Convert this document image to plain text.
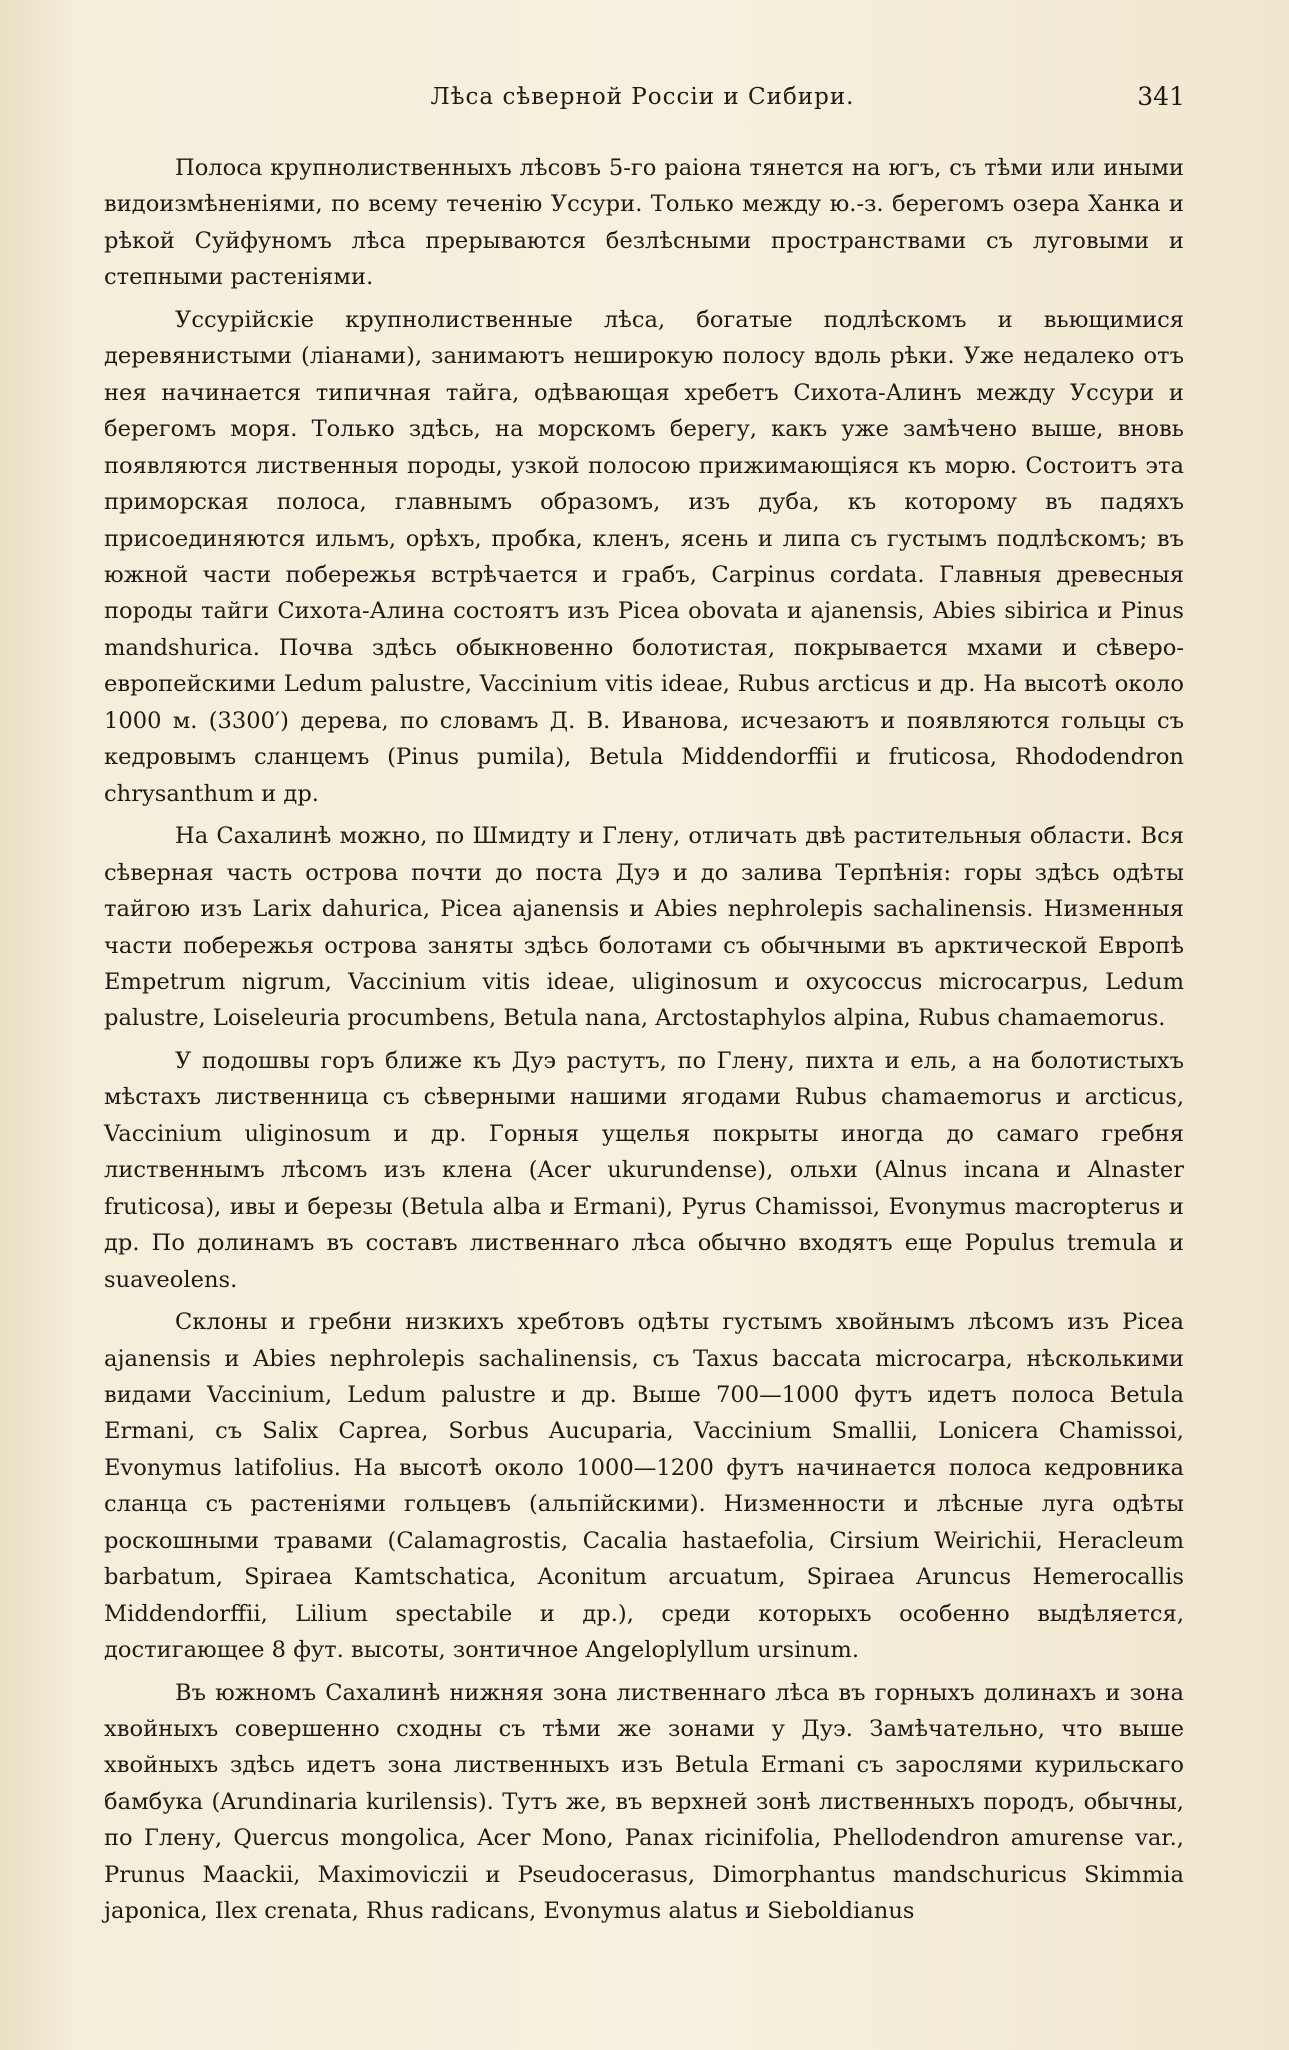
Лѣса сѣверной Россіи и Сибири.	341

Полоса крупнолиственныхъ лѣсовъ 5-го раіона тянется на югъ, съ тѣми или иными видоизмѣненіями, по всему теченію Уссури. Только между ю.-з. берегомъ озера Ханка и рѣкой Суйфуномъ лѣса прерываются безлѣсными пространствами съ луговыми и степными растеніями.

Уссурійскіе крупнолиственные лѣса, богатые подлѣскомъ и вьющимися деревянистыми (ліанами), занимаютъ неширокую полосу вдоль рѣки. Уже недалеко отъ нея начинается типичная тайга, одѣвающая хребетъ Сихота-Алинъ между Уссури и берегомъ моря. Только здѣсь, на морскомъ берегу, какъ уже замѣчено выше, вновь появляются лиственныя породы, узкой полосою прижимающіяся къ морю. Состоитъ эта приморская полоса, главнымъ образомъ, изъ дуба, къ которому въ падяхъ присоединяются ильмъ, орѣхъ, пробка, кленъ, ясень и липа съ густымъ подлѣскомъ; въ южной части побережья встрѣчается и грабъ, Carpinus cordata. Главныя древесныя породы тайги Сихота-Алина состоятъ изъ Picea obovata и ajanensis, Abies sibirica и Pinus mandshurica. Почва здѣсь обыкновенно болотистая, покрывается мхами и сѣверо-европейскими Ledum palustre, Vaccinium vitis ideae, Rubus arcticus и др. На высотѣ около 1000 м. (3300′) дерева, по словамъ Д. В. Иванова, исчезаютъ и появляются гольцы съ кедровымъ сланцемъ (Pinus pumila), Betula Middendorffii и fruticosa, Rhododendron chrysanthum и др.

На Сахалинѣ можно, по Шмидту и Глену, отличать двѣ растительныя области. Вся сѣверная часть острова почти до поста Дуэ и до залива Терпѣнія: горы здѣсь одѣты тайгою изъ Larix dahurica, Picea ajanensis и Abies nephrolepis sachalinensis. Низменныя части побережья острова заняты здѣсь болотами съ обычными въ арктической Европѣ Empetrum nigrum, Vaccinium vitis ideae, uliginosum и oxycoccus microcarpus, Ledum palustre, Loiseleuria procumbens, Betula nana, Arctostaphylos alpina, Rubus chamaemorus.

У подошвы горъ ближе къ Дуэ растутъ, по Глену, пихта и ель, а на болотистыхъ мѣстахъ лиственница съ сѣверными нашими ягодами Rubus chamaemorus и arcticus, Vaccinium uliginosum и др. Горныя ущелья покрыты иногда до самаго гребня лиственнымъ лѣсомъ изъ клена (Acer ukurundense), ольхи (Alnus incana и Alnaster fruticosa), ивы и березы (Betula alba и Ermani), Pyrus Chamissoi, Evonymus macropterus и др. По долинамъ въ составъ лиственнаго лѣса обычно входятъ еще Populus tremula и suaveolens.

Склоны и гребни низкихъ хребтовъ одѣты густымъ хвойнымъ лѣсомъ изъ Picea ajanensis и Abies nephrolepis sachalinensis, съ Taxus baccata microcarpa, нѣсколькими видами Vaccinium, Ledum palustre и др. Выше 700—1000 футъ идетъ полоса Betula Ermani, съ Salix Caprea, Sorbus Aucuparia, Vaccinium Smallii, Lonicera Chamissoi, Evonymus latifolius. На высотѣ около 1000—1200 футъ начинается полоса кедровника сланца съ растеніями гольцевъ (альпійскими). Низменности и лѣсные луга одѣты роскошными травами (Calamagrostis, Cacalia hastaefolia, Cirsium Weirichii, Heracleum barbatum, Spiraea Kamtschatica, Aconitum arcuatum, Spiraea Aruncus Hemerocallis Middendorffii, Lilium spectabile и др.), среди которыхъ особенно выдѣляется, достигающее 8 фут. высоты, зонтичное Angeloplyllum ursinum.

Въ южномъ Сахалинѣ нижняя зона лиственнаго лѣса въ горныхъ долинахъ и зона хвойныхъ совершенно сходны съ тѣми же зонами у Дуэ. Замѣчательно, что выше хвойныхъ здѣсь идетъ зона лиственныхъ изъ Betula Ermani съ зарослями курильскаго бамбука (Arundinaria kurilensis). Тутъ же, въ верхней зонѣ лиственныхъ породъ, обычны, по Глену, Quercus mongolica, Acer Mono, Panax ricinifolia, Phellodendron amurense var., Prunus Maackii, Maximoviczii и Pseudocerasus, Dimorphantus mandschuricus Skimmia japonica, Ilex crenata, Rhus radicans, Evonymus alatus и Sieboldianus
